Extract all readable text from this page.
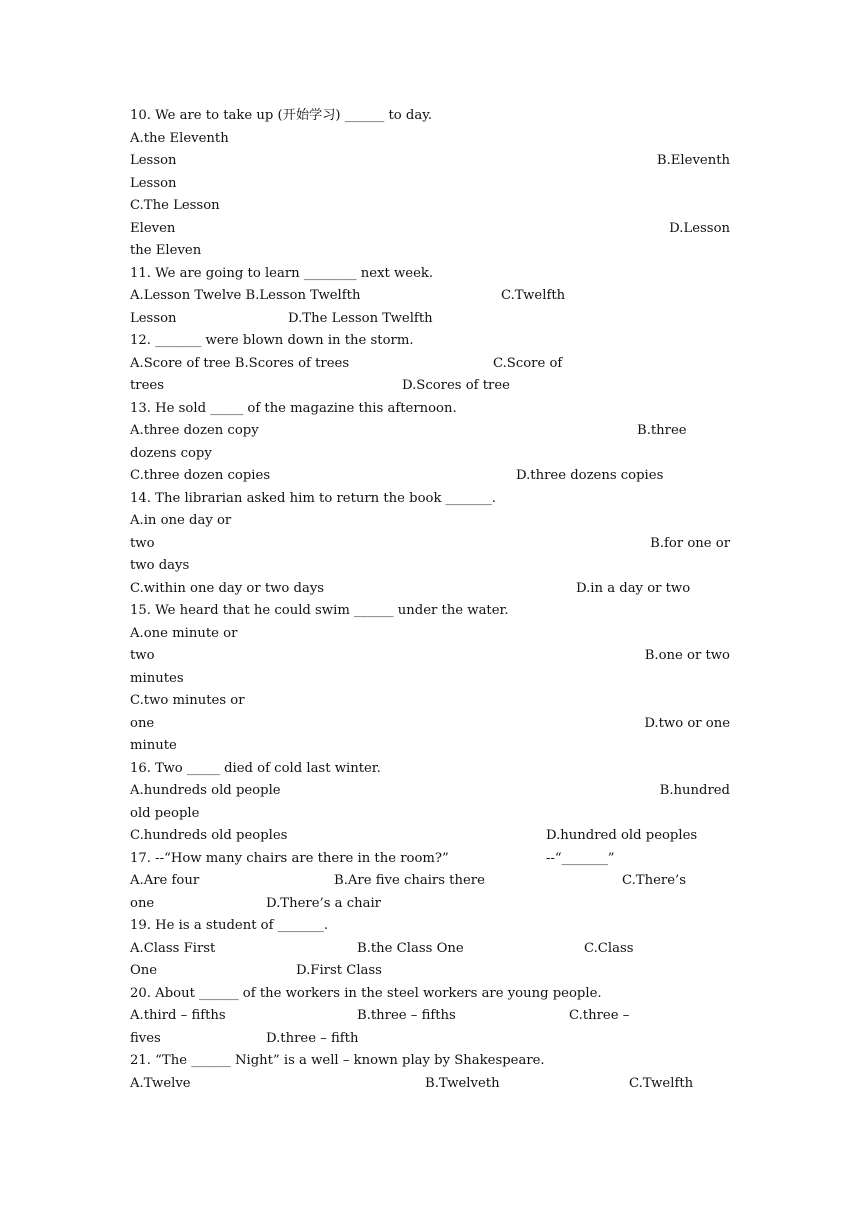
10. We are to take up (开始学习) ______ to day.
A.the Eleventh
Lesson	B.Eleventh
Lesson
C.The Lesson
Eleven	D.Lesson
the Eleven
11. We are going to learn ________ next week.
A.Lesson Twelve B.Lesson Twelfth	C.Twelfth
Lesson	D.The Lesson Twelfth
12. _______ were blown down in the storm.
A.Score of tree B.Scores of trees	C.Score of
trees	D.Scores of tree
13. He sold _____ of the magazine this afternoon.
A.three dozen copy	B.three
dozens copy
C.three dozen copies	D.three dozens copies
14. The librarian asked him to return the book _______.
A.in one day or
two	B.for one or
two days
C.within one day or two days	D.in a day or two
15. We heard that he could swim ______ under the water.
A.one minute or
two	B.one or two
minutes
C.two minutes or
one	D.two or one
minute
16. Two _____ died of cold last winter.
A.hundreds old people	B.hundred
old people
C.hundreds old peoples	D.hundred old peoples
17. --“How many chairs are there in the room?”	--“_______”
A.Are four	B.Are five chairs there	C.There’s
one	D.There’s a chair
19. He is a student of _______.
A.Class First	B.the Class One	C.Class
One	D.First Class
20. About ______ of the workers in the steel workers are young people.
A.third – fifths	B.three – fifths	C.three –
fives	D.three – fifth
21. “The ______ Night” is a well – known play by Shakespeare.
A.Twelve	B.Twelveth	C.Twelfth
